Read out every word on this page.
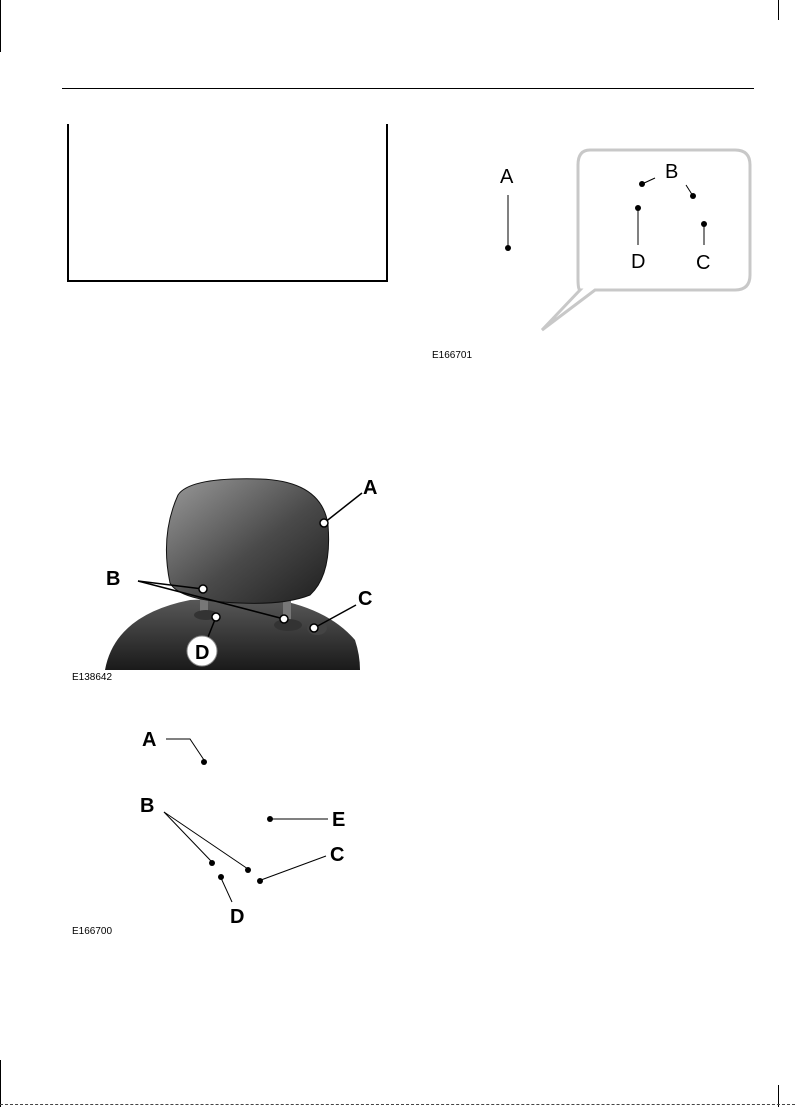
A	B
D	C
E166701
A
B
C
D
E138642
A
B
E
C
D
E166700
